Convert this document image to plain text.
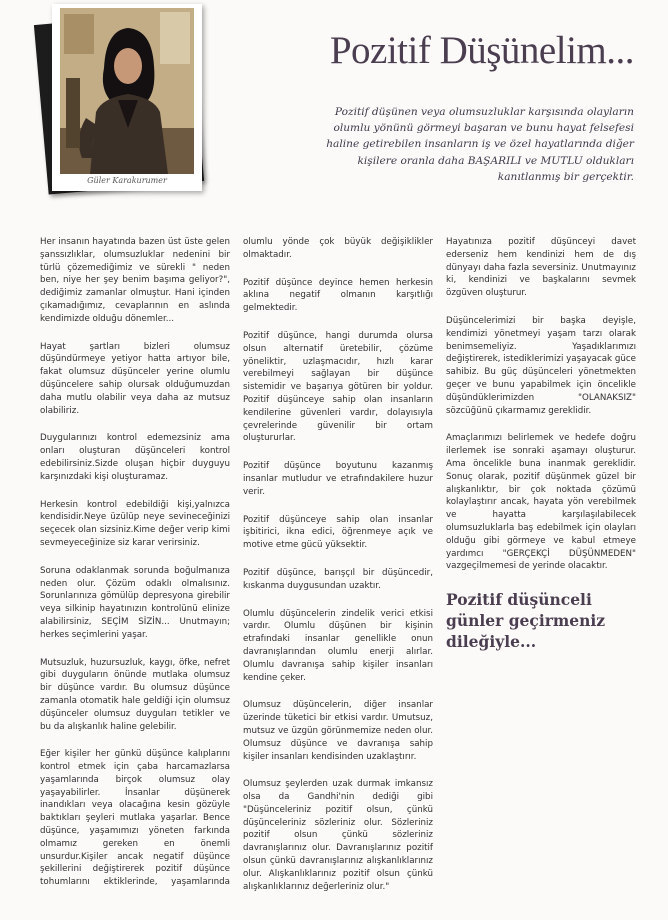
Güler Karakurumer
Pozitif Düşünelim...

Pozitif düşünen veya olumsuzluklar karşısında olayların olumlu yönünü görmeyi başaran ve bunu hayat felsefesi haline getirebilen insanların iş ve özel hayatlarında diğer kişilere oranla daha BAŞARILI ve MUTLU oldukları kanıtlanmış bir gerçektir.

Her insanın hayatında bazen üst üste gelen şanssızlıklar, olumsuzluklar nedenini bir türlü çözemediğimiz ve sürekli " neden ben, niye her şey benim başıma geliyor?", dediğimiz zamanlar olmuştur. Hani içinden çıkamadığımız, cevaplarının en aslında kendimizde olduğu dönemler...

Hayat şartları bizleri olumsuz düşündürmeye yetiyor hatta artıyor bile, fakat olumsuz düşünceler yerine olumlu düşüncelere sahip olursak olduğumuzdan daha mutlu olabilir veya daha az mutsuz olabiliriz.

Duygularınızı kontrol edemezsiniz ama onları oluşturan düşünceleri kontrol edebilirsiniz.Sizde oluşan hiçbir duyguyu karşınızdaki kişi oluşturamaz.

Herkesin kontrol edebildiği kişi,yalnızca kendisidir.Neye üzülüp neye sevineceğinizi seçecek olan sizsiniz.Kime değer verip kimi sevmeyeceğinize siz karar verirsiniz.

Soruna odaklanmak sorunda boğulmanıza neden olur. Çözüm odaklı olmalısınız. Sorunlarınıza gömülüp depresyona girebilir veya silkinip hayatınızın kontrolünü elinize alabilirsiniz, SEÇİM SİZİN... Unutmayın; herkes seçimlerini yaşar.

Mutsuzluk, huzursuzluk, kaygı, öfke, nefret gibi duyguların önünde mutlaka olumsuz bir düşünce vardır. Bu olumsuz düşünce zamanla otomatik hale geldiği için olumsuz düşünceler olumsuz duyguları tetikler ve bu da alışkanlık haline gelebilir.

Eğer kişiler her günkü düşünce kalıplarını kontrol etmek için çaba harcamazlarsa yaşamlarında birçok olumsuz olay yaşayabilirler. İnsanlar düşünerek inandıkları veya olacağına kesin gözüyle baktıkları şeyleri mutlaka yaşarlar. Bence düşünce, yaşamımızı yöneten farkında olmamız gereken en önemli unsurdur.Kişiler ancak negatif düşünce şekillerini değiştirerek pozitif düşünce tohumlarını ektiklerinde, yaşamlarında olumlu yönde çok büyük değişiklikler olmaktadır.

Pozitif düşünce deyince hemen herkesin aklına negatif olmanın karşıtlığı gelmektedir.

Pozitif düşünce, hangi durumda olursa olsun alternatif üretebilir, çözüme yöneliktir, uzlaşmacıdır, hızlı karar verebilmeyi sağlayan bir düşünce sistemidir ve başarıya götüren bir yoldur. Pozitif düşünceye sahip olan insanların kendilerine güvenleri vardır, dolayısıyla çevrelerinde güvenilir bir ortam oluştururlar.

Pozitif düşünce boyutunu kazanmış insanlar mutludur ve etrafındakilere huzur verir.

Pozitif düşünceye sahip olan insanlar işbitirici, ikna edici, öğrenmeye açık ve motive etme gücü yüksektir.

Pozitif düşünce, barışçıl bir düşüncedir, kıskanma duygusundan uzaktır.

Olumlu düşüncelerin zindelik verici etkisi vardır. Olumlu düşünen bir kişinin etrafındaki insanlar genellikle onun davranışlarından olumlu enerji alırlar. Olumlu davranışa sahip kişiler insanları kendine çeker.

Olumsuz düşüncelerin, diğer insanlar üzerinde tüketici bir etkisi vardır. Umutsuz, mutsuz ve üzgün görünmemize neden olur. Olumsuz düşünce ve davranışa sahip kişiler insanları kendisinden uzaklaştırır.

Olumsuz şeylerden uzak durmak imkansız olsa da Gandhi'nin dediği gibi "Düşünceleriniz pozitif olsun, çünkü düşünceleriniz sözleriniz olur. Sözleriniz pozitif olsun çünkü sözleriniz davranışlarınız olur. Davranışlarınız pozitif olsun çünkü davranışlarınız alışkanlıklarınız olur. Alışkanlıklarınız pozitif olsun çünkü alışkanlıklarınız değerleriniz olur."

Hayatınıza pozitif düşünceyi davet ederseniz hem kendinizi hem de dış dünyayı daha fazla seversiniz. Unutmayınız ki, kendinizi ve başkalarını sevmek özgüven oluşturur.

Düşüncelerimizi bir başka deyişle, kendimizi yönetmeyi yaşam tarzı olarak benimsemeliyiz. Yaşadıklarımızı değiştirerek, istediklerimizi yaşayacak güce sahibiz. Bu güç düşünceleri yönetmekten geçer ve bunu yapabilmek için öncelikle düşündüklerimizden "OLANAKSIZ" sözcüğünü çıkarmamız gereklidir.

Amaçlarımızı belirlemek ve hedefe doğru ilerlemek ise sonraki aşamayı oluşturur. Ama öncelikle buna inanmak gereklidir. Sonuç olarak, pozitif düşünmek güzel bir alışkanlıktır, bir çok noktada çözümü kolaylaştırır ancak, hayata yön verebilmek ve hayatta karşılaşılabilecek olumsuzluklarla baş edebilmek için olayları olduğu gibi görmeye ve kabul etmeye yardımcı "GERÇEKÇİ DÜŞÜNMEDEN" vazgeçilmemesi de yerinde olacaktır.

Pozitif düşünceli
günler geçirmeniz
dileğiyle...
